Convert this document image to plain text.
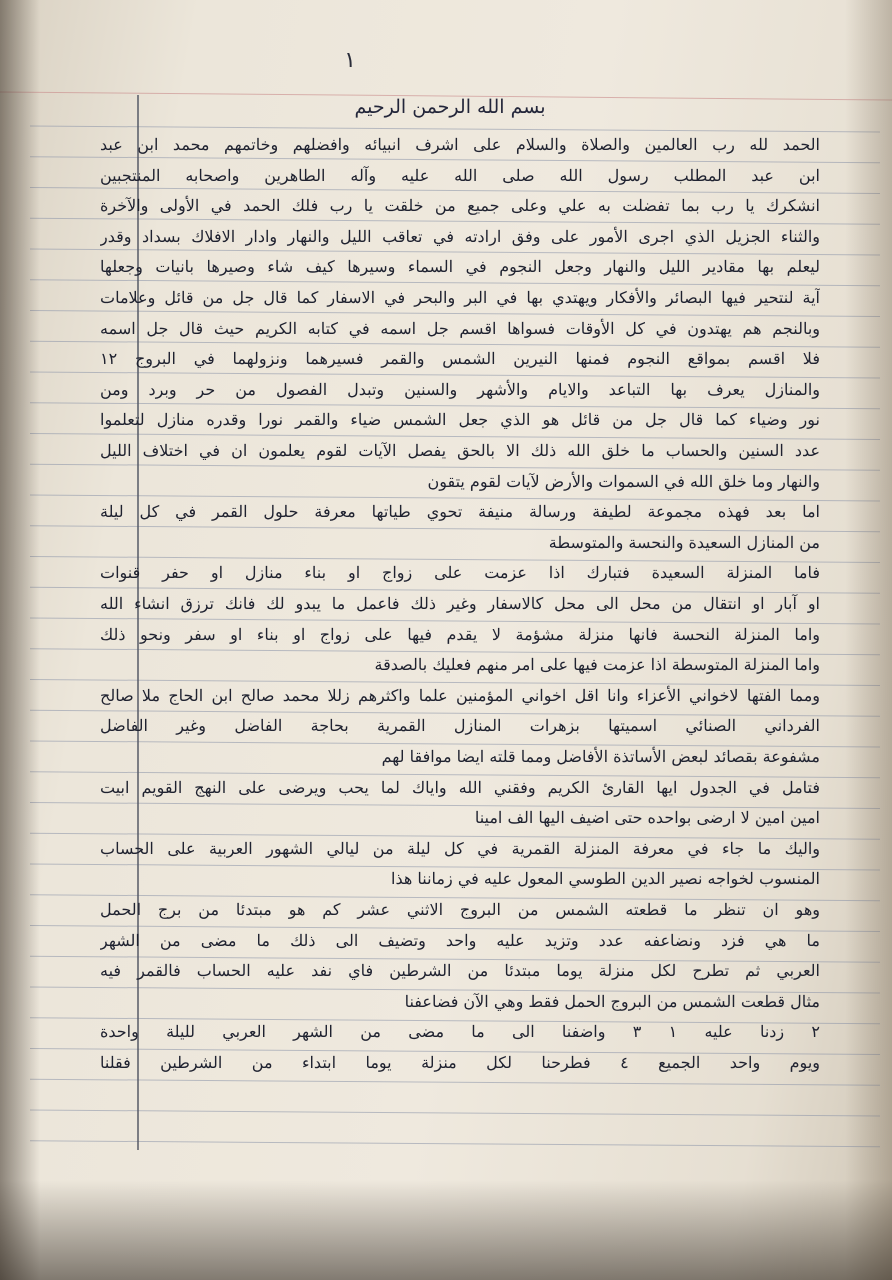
١
بسم الله الرحمن الرحيم
الحمد لله رب العالمين والصلاة والسلام على اشرف انبيائه وافضلهم وخاتمهم محمد ابن عبد
ابن عبد المطلب رسول الله صلى الله عليه وآله الطاهرين واصحابه المنتجبين
انشكرك يا رب بما تفضلت به علي وعلى جميع من خلقت يا رب فلك الحمد في الأولى والآخرة
والثناء الجزيل الذي اجرى الأمور على وفق ارادته في تعاقب الليل والنهار وادار الافلاك بسداد وقدر
ليعلم بها مقادير الليل والنهار وجعل النجوم في السماء وسيرها كيف شاء وصيرها بانيات وجعلها
آية لنتحير فيها البصائر والأفكار ويهتدي بها في البر والبحر في الاسفار كما قال جل من قائل وعلامات
وبالنجم هم يهتدون في كل الأوقات فسواها اقسم جل اسمه في كتابه الكريم حيث قال جل اسمه
فلا اقسم بمواقع النجوم فمنها النيرين الشمس والقمر فسيرهما ونزولهما في البروج ١٢
والمنازل يعرف بها التباعد والايام والأشهر والسنين وتبدل الفصول من حر وبرد ومن
نور وضياء كما قال جل من قائل هو الذي جعل الشمس ضياء والقمر نورا وقدره منازل لتعلموا
عدد السنين والحساب ما خلق الله ذلك الا بالحق يفصل الآيات لقوم يعلمون ان في اختلاف الليل
والنهار وما خلق الله في السموات والأرض لآيات لقوم يتقون
اما بعد فهذه مجموعة لطيفة ورسالة منيفة تحوي طياتها معرفة حلول القمر في كل ليلة
من المنازل السعيدة والنحسة والمتوسطة
فاما المنزلة السعيدة فتبارك اذا عزمت على زواج او بناء منازل او حفر قنوات
او آبار او انتقال من محل الى محل كالاسفار وغير ذلك فاعمل ما يبدو لك فانك ترزق انشاء الله
واما المنزلة النحسة فانها منزلة مشؤمة لا يقدم فيها على زواج او بناء او سفر ونحو ذلك
واما المنزلة المتوسطة اذا عزمت فيها على امر منهم فعليك بالصدقة
ومما الفتها لاخواني الأعزاء وانا اقل اخواني المؤمنين علما واكثرهم زللا محمد صالح ابن الحاج ملا صالح
الفرداني الصنائي اسميتها بزهرات المنازل القمرية بحاجة الفاضل وغير الفاضل
مشفوعة بقصائد لبعض الأساتذة الأفاضل ومما قلته ايضا موافقا لهم
فتامل في الجدول ايها القارئ الكريم وفقني الله واياك لما يحب ويرضى على النهج القويم ابيت
امين امين لا ارضى بواحده حتى اضيف اليها الف امينا
واليك ما جاء في معرفة المنزلة القمرية في كل ليلة من ليالي الشهور العربية على الحساب
المنسوب لخواجه نصير الدين الطوسي المعول عليه في زماننا هذا
وهو ان تنظر ما قطعته الشمس من البروج الاثني عشر كم هو مبتدئا من برج الحمل
ما هي فزد ونضاعفه عدد وتزيد عليه واحد وتضيف الى ذلك ما مضى من الشهر
العربي ثم تطرح لكل منزلة يوما مبتدئا من الشرطين فاي نفد عليه الحساب فالقمر فيه
مثال قطعت الشمس من البروج الحمل فقط وهي الآن فضاعفنا
٢ زدنا عليه ١ ٣ واضفنا الى ما مضى من الشهر العربي لليلة واحدة
ويوم واحد الجميع ٤ فطرحنا لكل منزلة يوما ابتداء من الشرطين فقلنا
